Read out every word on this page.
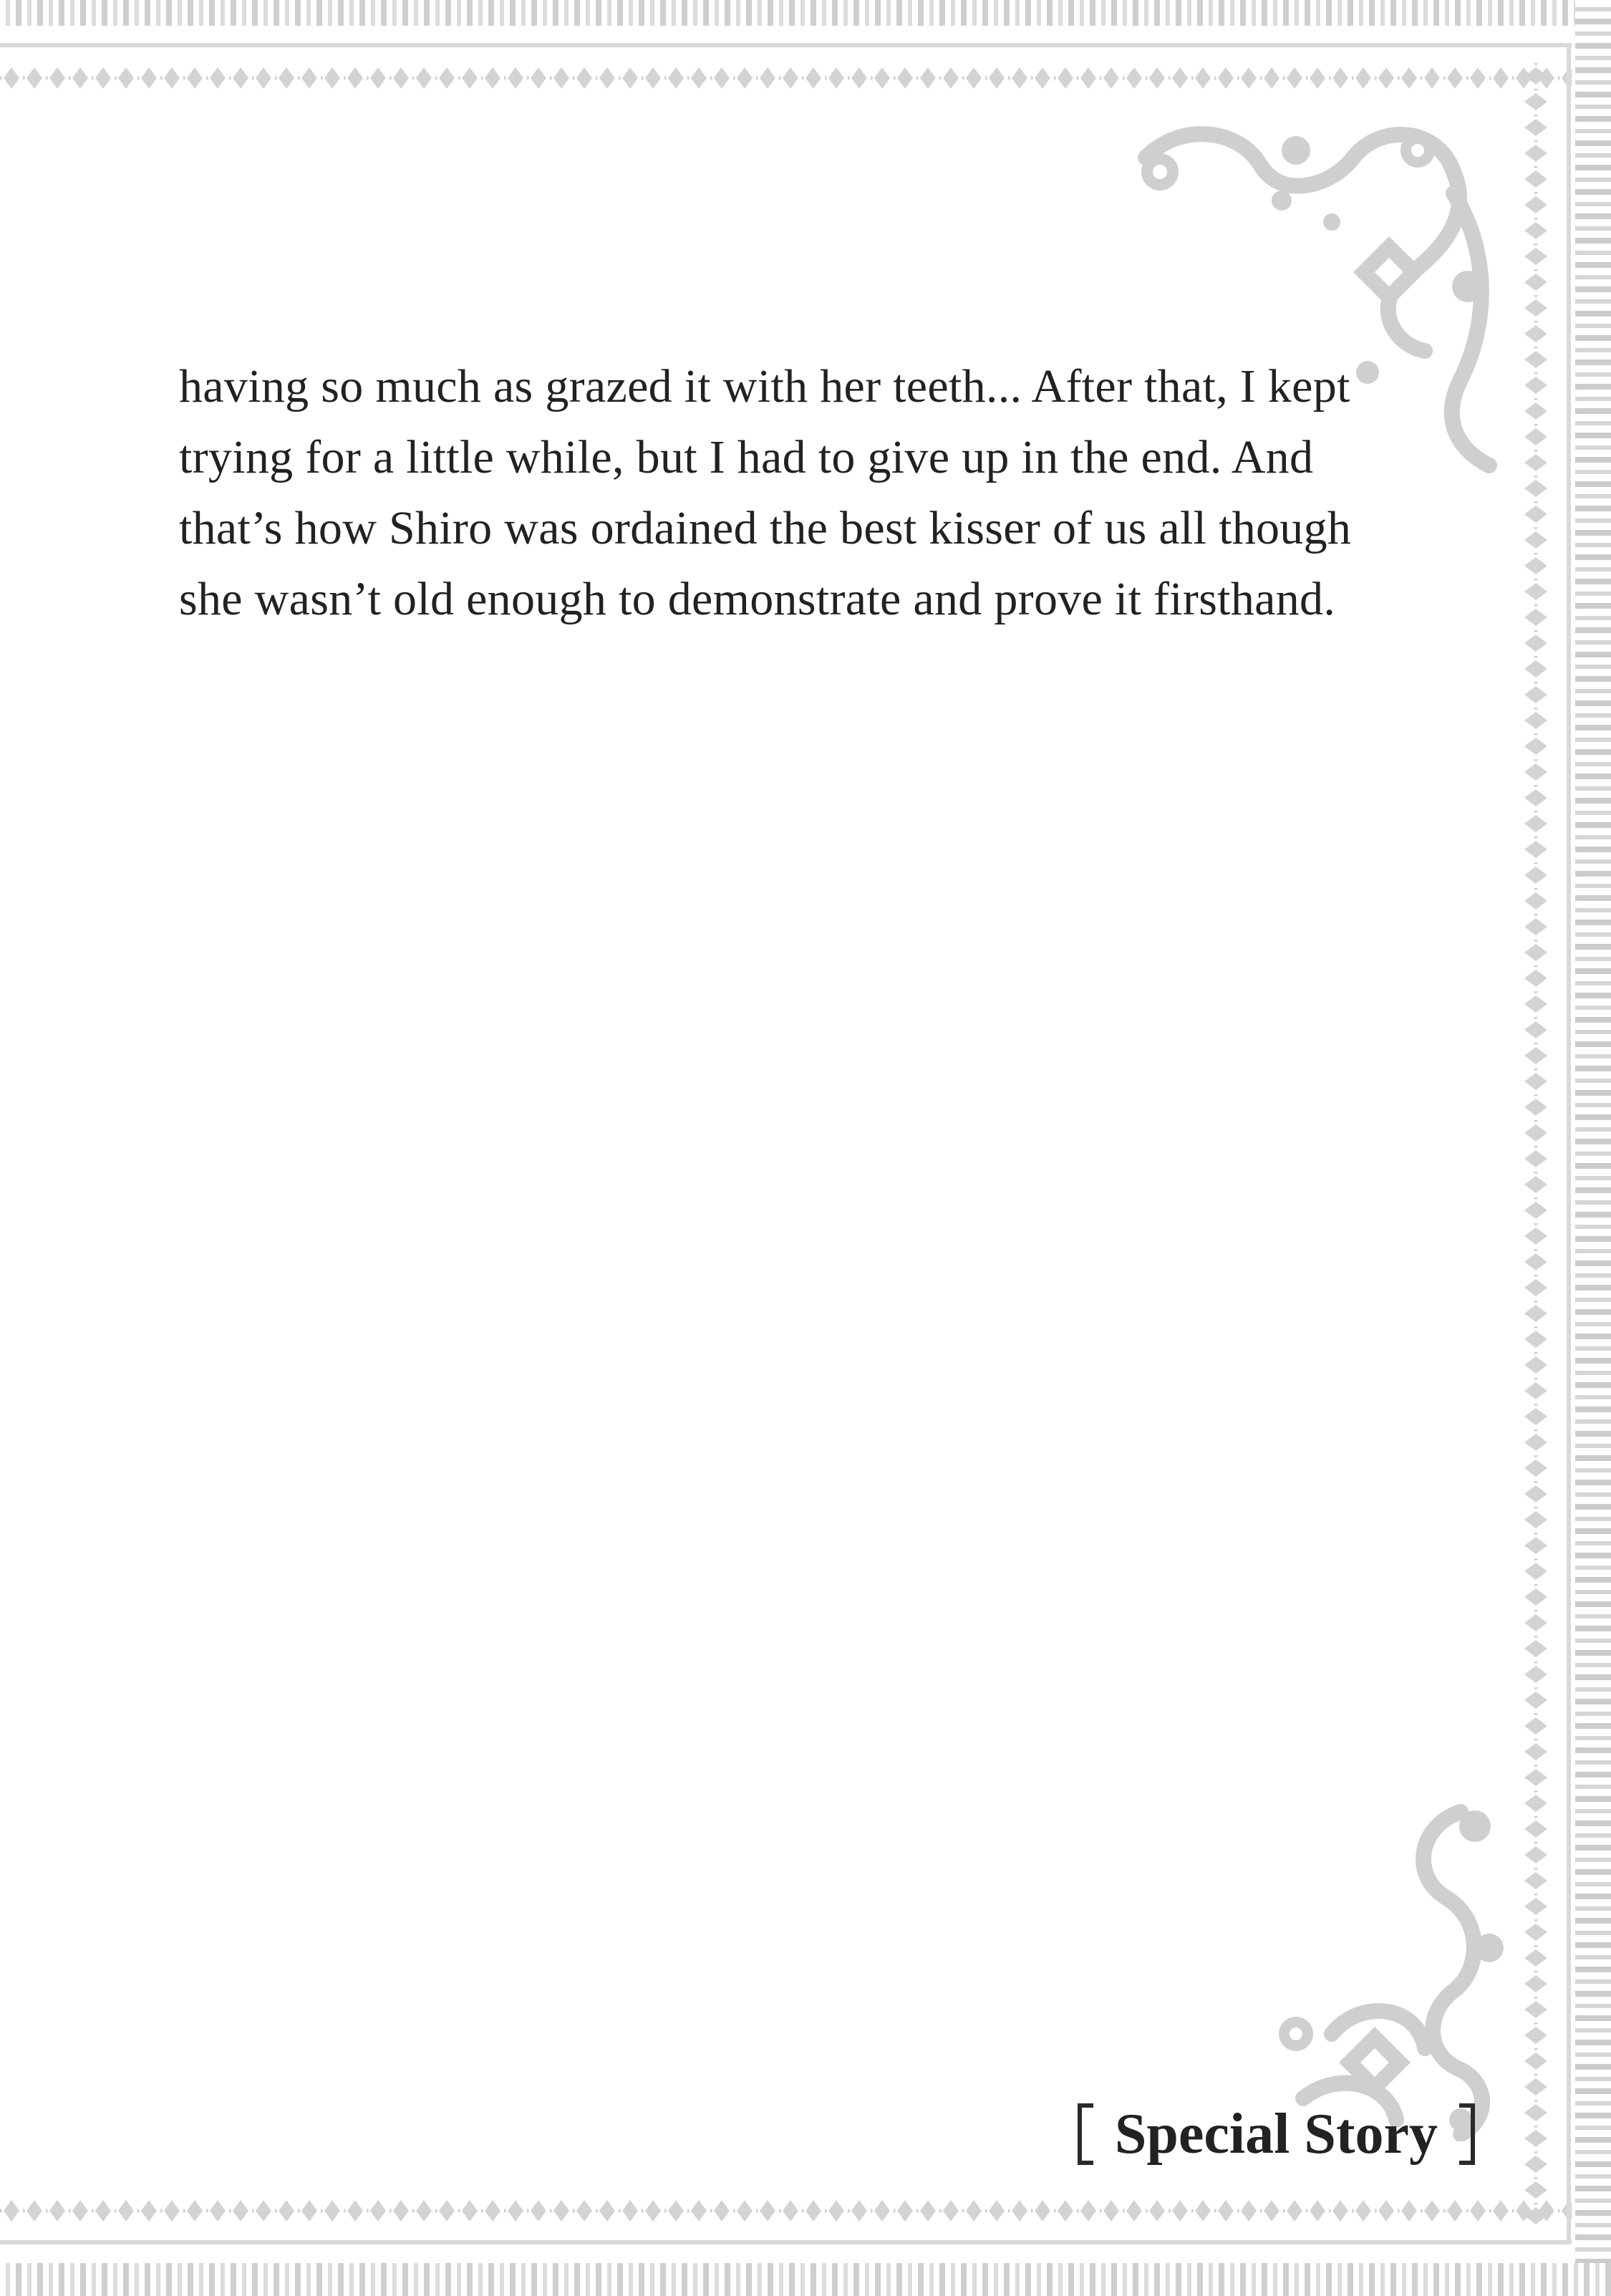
having so much as grazed it with her teeth... After that, I kept
trying for a little while, but I had to give up in the end. And
that’s how Shiro was ordained the best kisser of us all though
she wasn’t old enough to demonstrate and prove it firsthand.
Special Story
